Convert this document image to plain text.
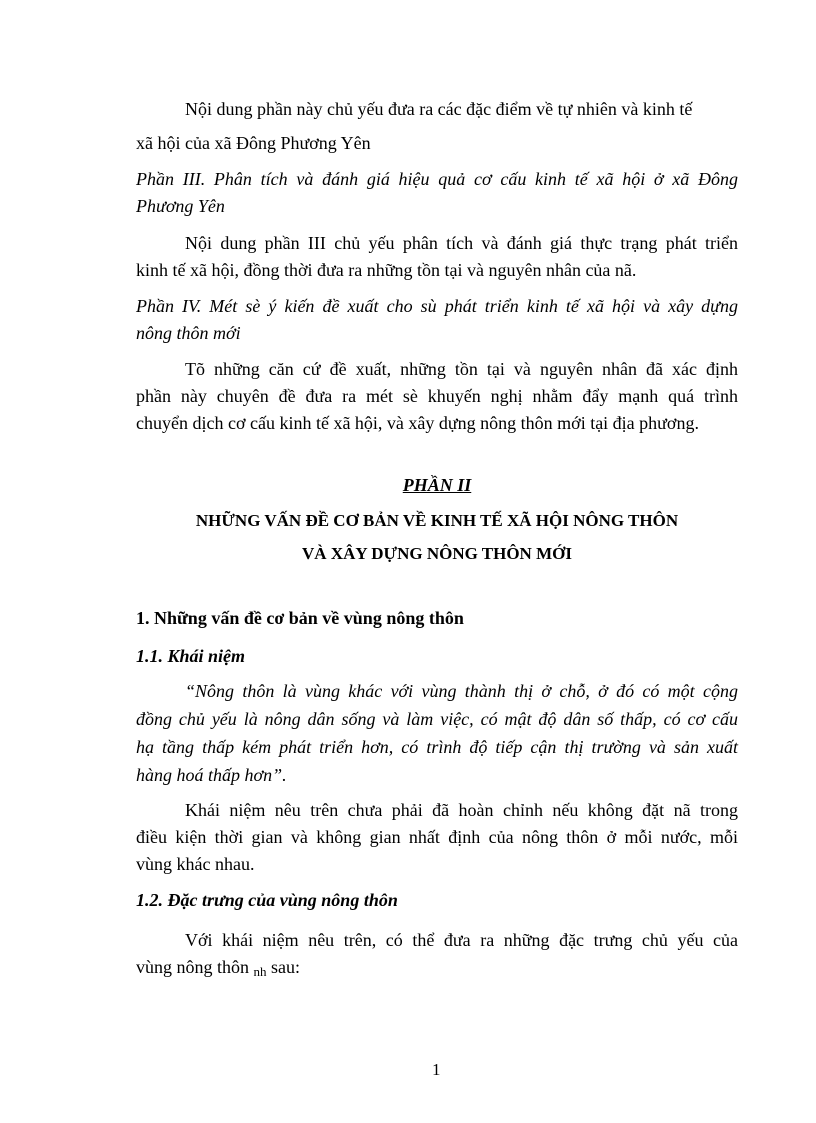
Nội dung phần này chủ yếu đưa ra các đặc điểm về tự nhiên và kinh tế
xã hội của xã Đông Phương Yên
Phần III. Phân tích và đánh giá hiệu quả cơ cấu kinh tế xã hội ở xã Đông
Phương Yên
Nội dung phần III chủ yếu phân tích và đánh giá thực trạng phát triển
kinh tế xã hội, đồng thời đưa ra những tồn tại và nguyên nhân của nã.
Phần IV. Mét sè ý kiến đề xuất cho sù phát triển kinh tế xã hội và xây dựng
nông thôn mới
Tõ những căn cứ đề xuất, những tồn tại và nguyên nhân đã xác định
phần này chuyên đề đưa ra mét sè khuyến nghị nhằm đẩy mạnh quá trình
chuyển dịch cơ cấu kinh tế xã hội, và xây dựng nông thôn mới tại địa phương.
PHẦN II
NHỮNG VẤN ĐỀ CƠ BẢN VỀ KINH TẾ XÃ HỘI NÔNG THÔN
VÀ XÂY DỰNG NÔNG THÔN MỚI
1. Những vấn đề cơ bản về vùng nông thôn
1.1. Khái niệm
“Nông thôn là vùng khác với vùng thành thị ở chỗ, ở đó có một cộng
đồng chủ yếu là nông dân sống và làm việc, có mật độ dân số thấp, có cơ cấu
hạ tầng thấp kém phát triển hơn, có trình độ tiếp cận thị trường và sản xuất
hàng hoá thấp hơn”.
Khái niệm nêu trên chưa phải đã hoàn chỉnh nếu không đặt nã trong
điều kiện thời gian và không gian nhất định của nông thôn ở mỗi nước, mỗi
vùng khác nhau.
1.2. Đặc trưng của vùng nông thôn
Với khái niệm nêu trên, có thể đưa ra những đặc trưng chủ yếu của
vùng nông thôn nh sau:
1
